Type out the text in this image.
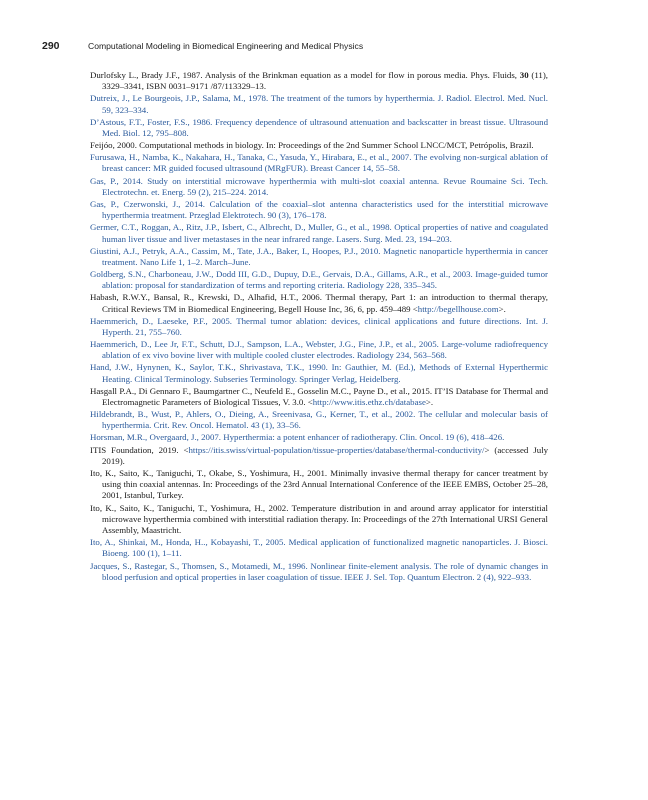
290	Computational Modeling in Biomedical Engineering and Medical Physics

Durlofsky L., Brady J.F., 1987. Analysis of the Brinkman equation as a model for flow in porous media. Phys. Fluids, 30 (11), 3329–3341, ISBN 0031–9171 /87/113329–13.

Dutreix, J., Le Bourgeois, J.P., Salama, M., 1978. The treatment of the tumors by hyperthermia. J. Radiol. Electrol. Med. Nucl. 59, 323–334.

D’Astous, F.T., Foster, F.S., 1986. Frequency dependence of ultrasound attenuation and backscatter in breast tissue. Ultrasound Med. Biol. 12, 795–808.

Feijóo, 2000. Computational methods in biology. In: Proceedings of the 2nd Summer School LNCC/MCT, Petrópolis, Brazil.

Furusawa, H., Namba, K., Nakahara, H., Tanaka, C., Yasuda, Y., Hirabara, E., et al., 2007. The evolving non-surgical ablation of breast cancer: MR guided focused ultrasound (MRgFUR). Breast Cancer 14, 55–58.

Gas, P., 2014. Study on interstitial microwave hyperthermia with multi-slot coaxial antenna. Revue Roumaine Sci. Tech. Electrotechn. et. Energ. 59 (2), 215–224. 2014.

Gas, P., Czerwonski, J., 2014. Calculation of the coaxial–slot antenna characteristics used for the interstitial microwave hyperthermia treatment. Przeglad Elektrotech. 90 (3), 176–178.

Germer, C.T., Roggan, A., Ritz, J.P., Isbert, C., Albrecht, D., Muller, G., et al., 1998. Optical properties of native and coagulated human liver tissue and liver metastases in the near infrared range. Lasers. Surg. Med. 23, 194–203.

Giustini, A.J., Petryk, A.A., Cassim, M., Tate, J.A., Baker, I., Hoopes, P.J., 2010. Magnetic nanoparticle hyperthermia in cancer treatment. Nano Life 1, 1–2. March–June.

Goldberg, S.N., Charboneau, J.W., Dodd III, G.D., Dupuy, D.E., Gervais, D.A., Gillams, A.R., et al., 2003. Image-guided tumor ablation: proposal for standardization of terms and reporting criteria. Radiology 228, 335–345.

Habash, R.W.Y., Bansal, R., Krewski, D., Alhafid, H.T., 2006. Thermal therapy, Part 1: an introduction to thermal therapy, Critical Reviews TM in Biomedical Engineering, Begell House Inc, 36, 6, pp. 459–489 <http://begellhouse.com>.

Haemmerich, D., Laeseke, P.F., 2005. Thermal tumor ablation: devices, clinical applications and future directions. Int. J. Hyperth. 21, 755–760.

Haemmerich, D., Lee Jr, F.T., Schutt, D.J., Sampson, L.A., Webster, J.G., Fine, J.P., et al., 2005. Large-volume radiofrequency ablation of ex vivo bovine liver with multiple cooled cluster electrodes. Radiology 234, 563–568.

Hand, J.W., Hynynen, K., Saylor, T.K., Shrivastava, T.K., 1990. In: Gauthier, M. (Ed.), Methods of External Hyperthermic Heating. Clinical Terminology. Subseries Terminology. Springer Verlag, Heidelberg.

Hasgall P.A., Di Gennaro F., Baumgartner C., Neufeld E., Gosselin M.C., Payne D., et al., 2015. IT’IS Database for Thermal and Electromagnetic Parameters of Biological Tissues, V. 3.0. <http://www.itis.ethz.ch/database>.

Hildebrandt, B., Wust, P., Ahlers, O., Dieing, A., Sreenivasa, G., Kerner, T., et al., 2002. The cellular and molecular basis of hyperthermia. Crit. Rev. Oncol. Hematol. 43 (1), 33–56.

Horsman, M.R., Overgaard, J., 2007. Hyperthermia: a potent enhancer of radiotherapy. Clin. Oncol. 19 (6), 418–426.

ITIS Foundation, 2019. <https://itis.swiss/virtual-population/tissue-properties/database/thermal-conductivity/> (accessed July 2019).

Ito, K., Saito, K., Taniguchi, T., Okabe, S., Yoshimura, H., 2001. Minimally invasive thermal therapy for cancer treatment by using thin coaxial antennas. In: Proceedings of the 23rd Annual International Conference of the IEEE EMBS, October 25–28, 2001, Istanbul, Turkey.

Ito, K., Saito, K., Taniguchi, T., Yoshimura, H., 2002. Temperature distribution in and around array applicator for interstitial microwave hyperthermia combined with interstitial radiation therapy. In: Proceedings of the 27th International URSI General Assembly, Maastricht.

Ito, A., Shinkai, M., Honda, H.., Kobayashi, T., 2005. Medical application of functionalized magnetic nanoparticles. J. Biosci. Bioeng. 100 (1), 1–11.

Jacques, S., Rastegar, S., Thomsen, S., Motamedi, M., 1996. Nonlinear finite-element analysis. The role of dynamic changes in blood perfusion and optical properties in laser coagulation of tissue. IEEE J. Sel. Top. Quantum Electron. 2 (4), 922–933.
